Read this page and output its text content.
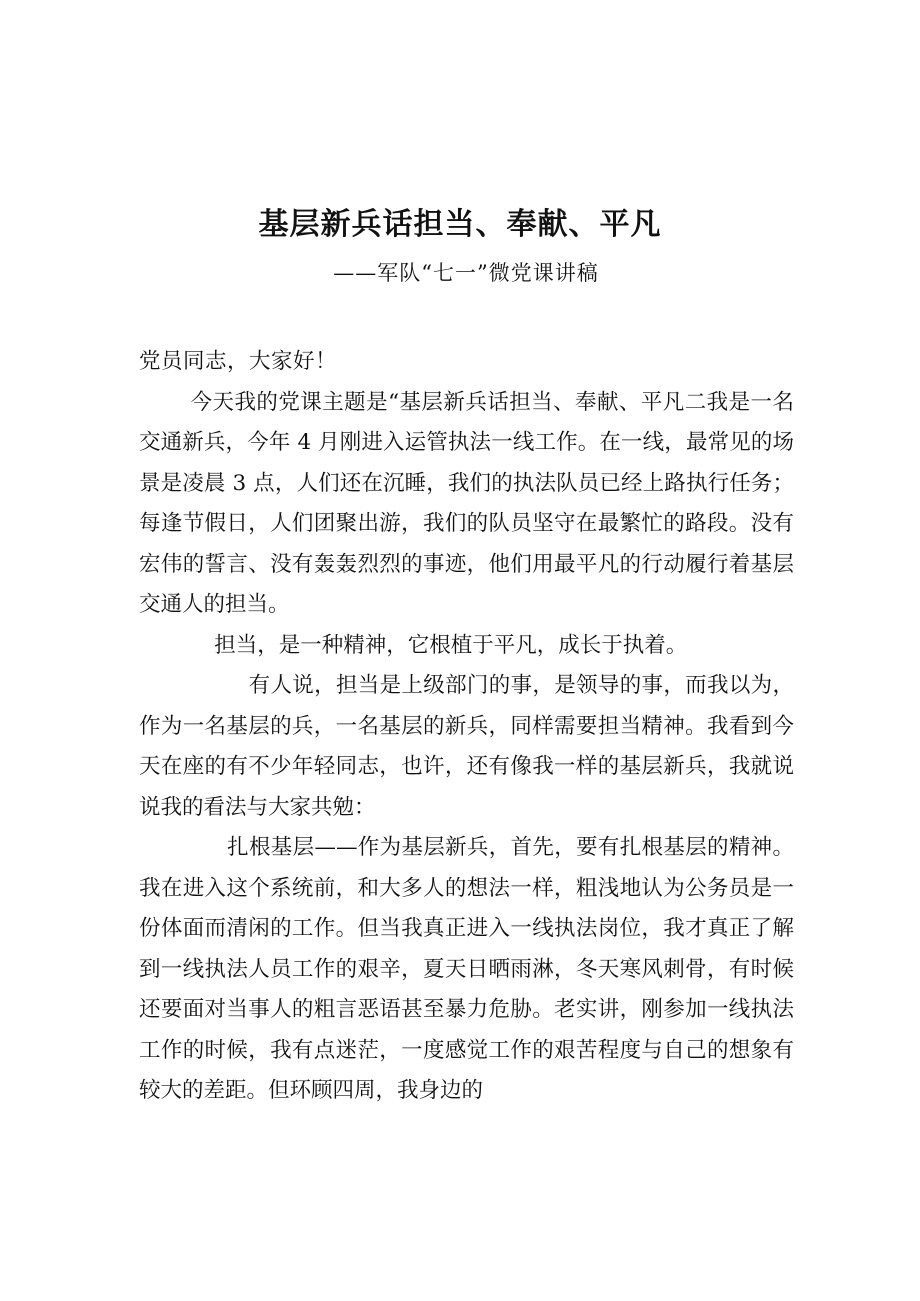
基层新兵话担当、奉献、平凡
——军队“七一”微党课讲稿

党员同志，大家好！

今天我的党课主题是“基层新兵话担当、奉献、平凡二我是一名交通新兵，今年 4 月刚进入运管执法一线工作。在一线，最常见的场景是凌晨 3 点，人们还在沉睡，我们的执法队员已经上路执行任务；每逢节假日，人们团聚出游，我们的队员坚守在最繁忙的路段。没有宏伟的誓言、没有轰轰烈烈的事迹，他们用最平凡的行动履行着基层交通人的担当。

担当，是一种精神，它根植于平凡，成长于执着。

有人说，担当是上级部门的事，是领导的事，而我以为，作为一名基层的兵，一名基层的新兵，同样需要担当精神。我看到今天在座的有不少年轻同志，也许，还有像我一样的基层新兵，我就说说我的看法与大家共勉：

扎根基层——作为基层新兵，首先，要有扎根基层的精神。我在进入这个系统前，和大多人的想法一样，粗浅地认为公务员是一份体面而清闲的工作。但当我真正进入一线执法岗位，我才真正了解到一线执法人员工作的艰辛，夏天日晒雨淋，冬天寒风刺骨，有时候还要面对当事人的粗言恶语甚至暴力危胁。老实讲，刚参加一线执法工作的时候，我有点迷茫，一度感觉工作的艰苦程度与自己的想象有较大的差距。但环顾四周，我身边的
